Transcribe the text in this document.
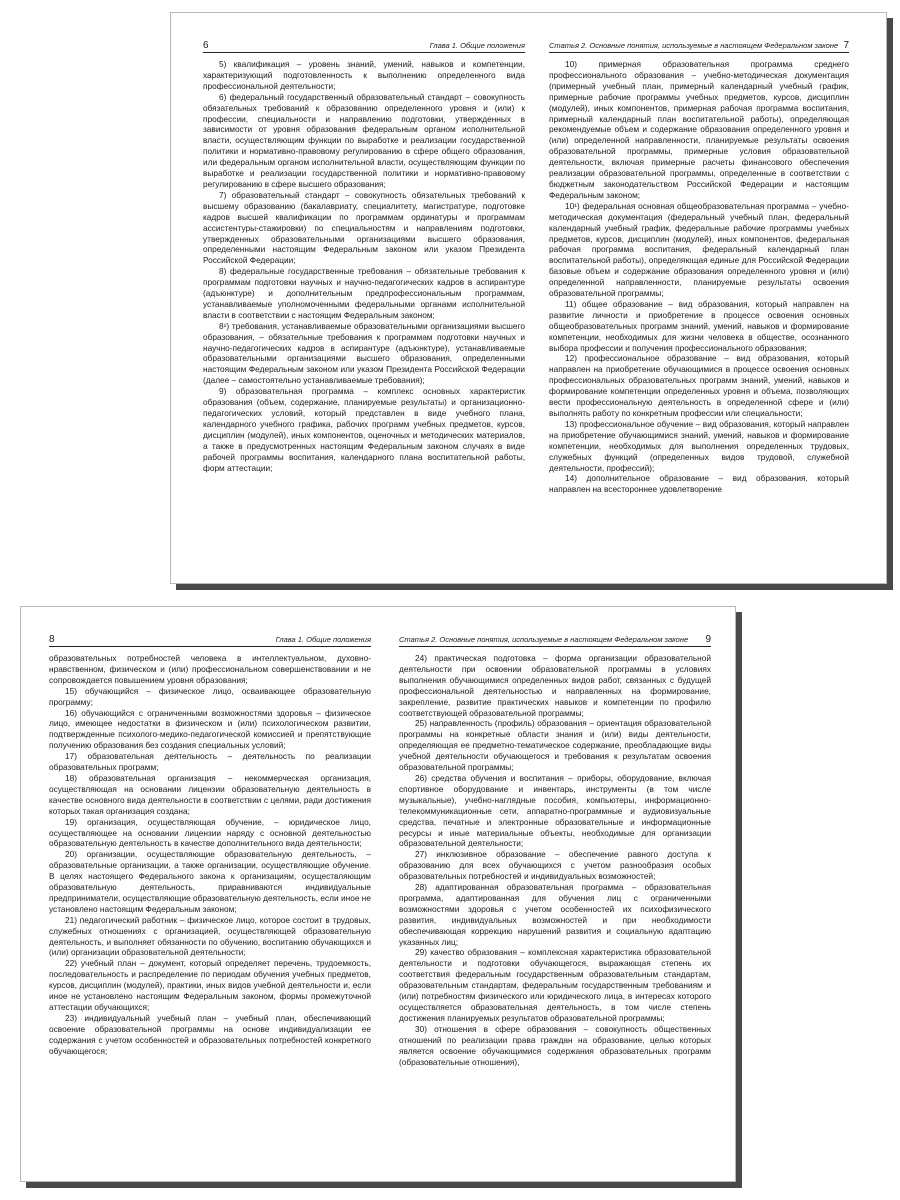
6	Глава 1. Общие положения

5) квалификация – уровень знаний, умений, навыков и компетенции, характеризующий подготовленность к выполнению определенного вида профессиональной деятельности;

6) федеральный государственный образовательный стандарт – совокупность обязательных требований к образованию определенного уровня и (или) к профессии, специальности и направлению подготовки, утвержденных в зависимости от уровня образования федеральным органом исполнительной власти, осуществляющим функции по выработке и реализации государственной политики и нормативно-правовому регулированию в сфере общего образования, или федеральным органом исполнительной власти, осуществляющим функции по выработке и реализации государственной политики и нормативно-правовому регулированию в сфере высшего образования;

7) образовательный стандарт – совокупность обязательных требований к высшему образованию (бакалавриату, специалитету, магистратуре, подготовке кадров высшей квалификации по программам ординатуры и программам ассистентуры-стажировки) по специальностям и направлениям подготовки, утвержденных образовательными организациями высшего образования, определенными настоящим Федеральным законом или указом Президента Российской Федерации;

8) федеральные государственные требования – обязательные требования к программам подготовки научных и научно-педагогических кадров в аспирантуре (адъюнктуре) и дополнительным предпрофессиональным программам, устанавливаемые уполномоченными федеральными органами исполнительной власти в соответствии с настоящим Федеральным законом;

8¹) требования, устанавливаемые образовательными организациями высшего образования, – обязательные требования к программам подготовки научных и научно-педагогических кадров в аспирантуре (адъюнктуре), устанавливаемые образовательными организациями высшего образования, определенными настоящим Федеральным законом или указом Президента Российской Федерации (далее – самостоятельно устанавливаемые требования);

9) образовательная программа – комплекс основных характеристик образования (объем, содержание, планируемые результаты) и организационно-педагогических условий, который представлен в виде учебного плана, календарного учебного графика, рабочих программ учебных предметов, курсов, дисциплин (модулей), иных компонентов, оценочных и методических материалов, а также в предусмотренных настоящим Федеральным законом случаях в виде рабочей программы воспитания, календарного плана воспитательной работы, форм аттестации;

Статья 2. Основные понятия, используемые в настоящем Федеральном законе 7

10) примерная образовательная программа среднего профессионального образования – учебно-методическая документация (примерный учебный план, примерный календарный учебный график, примерные рабочие программы учебных предметов, курсов, дисциплин (модулей), иных компонентов, примерная рабочая программа воспитания, примерный календарный план воспитательной работы), определяющая рекомендуемые объем и содержание образования определенного уровня и (или) определенной направленности, планируемые результаты освоения образовательной программы, примерные условия образовательной деятельности, включая примерные расчеты финансового обеспечения реализации образовательной программы, определенные в соответствии с бюджетным законодательством Российской Федерации и настоящим Федеральным законом;

10¹) федеральная основная общеобразовательная программа – учебно-методическая документация (федеральный учебный план, федеральный календарный учебный график, федеральные рабочие программы учебных предметов, курсов, дисциплин (модулей), иных компонентов, федеральная рабочая программа воспитания, федеральный календарный план воспитательной работы), определяющая единые для Российской Федерации базовые объем и содержание образования определенного уровня и (или) определенной направленности, планируемые результаты освоения образовательной программы;

11) общее образование – вид образования, который направлен на развитие личности и приобретение в процессе освоения основных общеобразовательных программ знаний, умений, навыков и формирование компетенции, необходимых для жизни человека в обществе, осознанного выбора профессии и получения профессионального образования;

12) профессиональное образование – вид образования, который направлен на приобретение обучающимися в процессе освоения основных профессиональных образовательных программ знаний, умений, навыков и формирование компетенции определенных уровня и объема, позволяющих вести профессиональную деятельность в определенной сфере и (или) выполнять работу по конкретным профессии или специальности;

13) профессиональное обучение – вид образования, который направлен на приобретение обучающимися знаний, умений, навыков и формирование компетенции, необходимых для выполнения определенных трудовых, служебных функций (определенных видов трудовой, служебной деятельности, профессий);

14) дополнительное образование – вид образования, который направлен на всестороннее удовлетворение

8	Глава 1. Общие положения

образовательных потребностей человека в интеллектуальном, духовно-нравственном, физическом и (или) профессиональном совершенствовании и не сопровождается повышением уровня образования;

15) обучающийся – физическое лицо, осваивающее образовательную программу;

16) обучающийся с ограниченными возможностями здоровья – физическое лицо, имеющее недостатки в физическом и (или) психологическом развитии, подтвержденные психолого-медико-педагогической комиссией и препятствующие получению образования без создания специальных условий;

17) образовательная деятельность – деятельность по реализации образовательных программ;

18) образовательная организация – некоммерческая организация, осуществляющая на основании лицензии образовательную деятельность в качестве основного вида деятельности в соответствии с целями, ради достижения которых такая организация создана;

19) организация, осуществляющая обучение, – юридическое лицо, осуществляющее на основании лицензии наряду с основной деятельностью образовательную деятельность в качестве дополнительного вида деятельности;

20) организации, осуществляющие образовательную деятельность, – образовательные организации, а также организации, осуществляющие обучение. В целях настоящего Федерального закона к организациям, осуществляющим образовательную деятельность, приравниваются индивидуальные предприниматели, осуществляющие образовательную деятельность, если иное не установлено настоящим Федеральным законом;

21) педагогический работник – физическое лицо, которое состоит в трудовых, служебных отношениях с организацией, осуществляющей образовательную деятельность, и выполняет обязанности по обучению, воспитанию обучающихся и (или) организации образовательной деятельности;

22) учебный план – документ, который определяет перечень, трудоемкость, последовательность и распределение по периодам обучения учебных предметов, курсов, дисциплин (модулей), практики, иных видов учебной деятельности и, если иное не установлено настоящим Федеральным законом, формы промежуточной аттестации обучающихся;

23) индивидуальный учебный план – учебный план, обеспечивающий освоение образовательной программы на основе индивидуализации ее содержания с учетом особенностей и образовательных потребностей конкретного обучающегося;

Статья 2. Основные понятия, используемые в настоящем Федеральном законе 9

24) практическая подготовка – форма организации образовательной деятельности при освоении образовательной программы в условиях выполнения обучающимися определенных видов работ, связанных с будущей профессиональной деятельностью и направленных на формирование, закрепление, развитие практических навыков и компетенции по профилю соответствующей образовательной программы;

25) направленность (профиль) образования – ориентация образовательной программы на конкретные области знания и (или) виды деятельности, определяющая ее предметно-тематическое содержание, преобладающие виды учебной деятельности обучающегося и требования к результатам освоения образовательной программы;

26) средства обучения и воспитания – приборы, оборудование, включая спортивное оборудование и инвентарь, инструменты (в том числе музыкальные), учебно-наглядные пособия, компьютеры, информационно-телекоммуникационные сети, аппаратно-программные и аудиовизуальные средства, печатные и электронные образовательные и информационные ресурсы и иные материальные объекты, необходимые для организации образовательной деятельности;

27) инклюзивное образование – обеспечение равного доступа к образованию для всех обучающихся с учетом разнообразия особых образовательных потребностей и индивидуальных возможностей;

28) адаптированная образовательная программа – образовательная программа, адаптированная для обучения лиц с ограниченными возможностями здоровья с учетом особенностей их психофизического развития, индивидуальных возможностей и при необходимости обеспечивающая коррекцию нарушений развития и социальную адаптацию указанных лиц;

29) качество образования – комплексная характеристика образовательной деятельности и подготовки обучающегося, выражающая степень их соответствия федеральным государственным образовательным стандартам, образовательным стандартам, федеральным государственным требованиям и (или) потребностям физического или юридического лица, в интересах которого осуществляется образовательная деятельность, в том числе степень достижения планируемых результатов образовательной программы;

30) отношения в сфере образования – совокупность общественных отношений по реализации права граждан на образование, целью которых является освоение обучающимися содержания образовательных программ (образовательные отношения),
